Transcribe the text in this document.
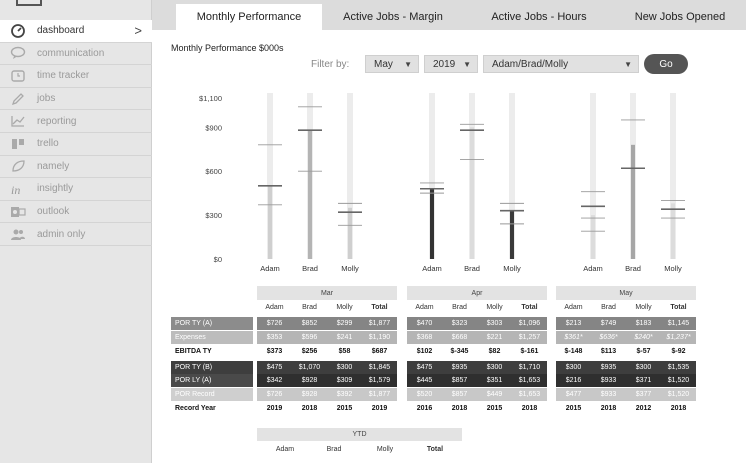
dashboard	>
communication
time tracker
jobs
reporting
trello
namely
in insightly
outlook
admin only
Monthly Performance	Active Jobs - Margin	Active Jobs - Hours	New Jobs Opened
Monthly Performance $000s
Filter by: May ▼ 2019 ▼ Adam/Brad/Molly	▼	Go
$1,100
$900
$600
$300
$0
Adam	Brad	Molly	Adam	Brad	Molly	Adam	Brad	Molly
Mar
Adam	Brad	Molly	Total
Apr
Adam	Brad	Molly	Total
May
Adam	Brad	Molly	Total
POR TY (A)	$726	$852	$299	$1,877	$470	$323	$303	$1,096	$213	$749	$183	$1,145
Expenses	$353	$596	$241	$1,190	$368	$668	$221	$1,257	$361*	$636*	$240*	$1,237*
EBITDA TY	$373	$256	$58	$687	$102	$-345	$82	$-161	$-148	$113	$-57	$-92
POR TY (B)	$475	$1,070	$300	$1,845	$475	$935	$300	$1,710	$300	$935	$300	$1,535
POR LY (A)	$342	$928	$309	$1,579	$445	$857	$351	$1,653	$216	$933	$371	$1,520
POR Record	$726	$928	$392	$1,877	$520	$857	$449	$1,653	$477	$933	$377	$1,520
Record Year	2019	2018	2015	2019	2016	2018	2015	2018	2015	2018	2012	2018
YTD
Adam	Brad	Molly	Total
